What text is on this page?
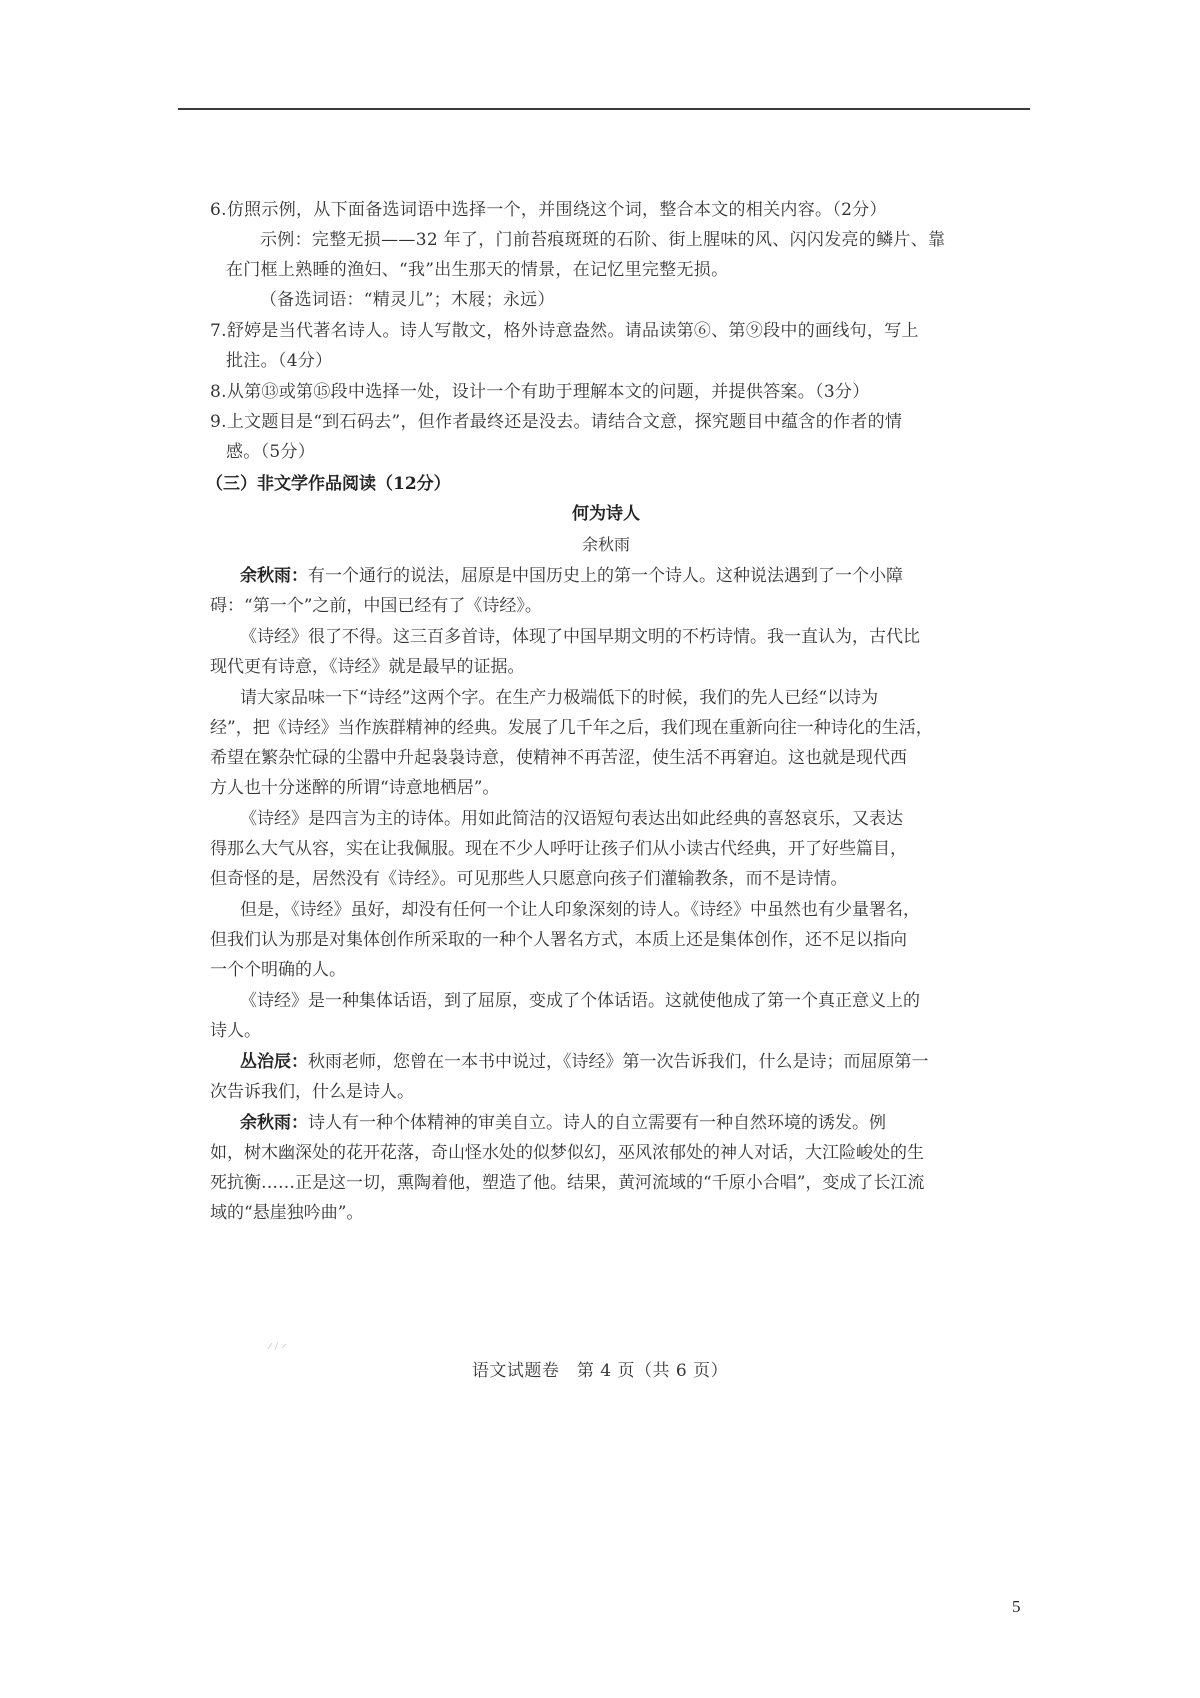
6.仿照示例，从下面备选词语中选择一个，并围绕这个词，整合本文的相关内容。（2分）
示例：完整无损——32 年了，门前苔痕斑斑的石阶、街上腥味的风、闪闪发亮的鳞片、靠
在门框上熟睡的渔妇、“我”出生那天的情景，在记忆里完整无损。
（备选词语：“精灵儿”；木屐；永远）
7.舒婷是当代著名诗人。诗人写散文，格外诗意盎然。请品读第⑥、第⑨段中的画线句，写上
批注。（4分）
8.从第⑬或第⑮段中选择一处，设计一个有助于理解本文的问题，并提供答案。（3分）
9.上文题目是“到石码去”，但作者最终还是没去。请结合文意，探究题目中蕴含的作者的情
感。（5分）
（三）非文学作品阅读（12分）
何为诗人
余秋雨
余秋雨：有一个通行的说法，屈原是中国历史上的第一个诗人。这种说法遇到了一个小障
碍：“第一个”之前，中国已经有了《诗经》。
《诗经》很了不得。这三百多首诗，体现了中国早期文明的不朽诗情。我一直认为，古代比
现代更有诗意，《诗经》就是最早的证据。
请大家品味一下“诗经”这两个字。在生产力极端低下的时候，我们的先人已经“以诗为
经”，把《诗经》当作族群精神的经典。发展了几千年之后，我们现在重新向往一种诗化的生活，
希望在繁杂忙碌的尘嚣中升起袅袅诗意，使精神不再苦涩，使生活不再窘迫。这也就是现代西
方人也十分迷醉的所谓“诗意地栖居”。
《诗经》是四言为主的诗体。用如此简洁的汉语短句表达出如此经典的喜怒哀乐，又表达
得那么大气从容，实在让我佩服。现在不少人呼吁让孩子们从小读古代经典，开了好些篇目，
但奇怪的是，居然没有《诗经》。可见那些人只愿意向孩子们灌输教条，而不是诗情。
但是，《诗经》虽好，却没有任何一个让人印象深刻的诗人。《诗经》中虽然也有少量署名，
但我们认为那是对集体创作所采取的一种个人署名方式，本质上还是集体创作，还不足以指向
一个个明确的人。
《诗经》是一种集体话语，到了屈原，变成了个体话语。这就使他成了第一个真正意义上的
诗人。
丛治辰：秋雨老师，您曾在一本书中说过，《诗经》第一次告诉我们，什么是诗；而屈原第一
次告诉我们，什么是诗人。
余秋雨：诗人有一种个体精神的审美自立。诗人的自立需要有一种自然环境的诱发。例
如，树木幽深处的花开花落，奇山怪水处的似梦似幻，巫风浓郁处的神人对话，大江险峻处的生
死抗衡……正是这一切，熏陶着他，塑造了他。结果，黄河流域的“千原小合唱”，变成了长江流
域的“悬崖独吟曲”。
语文试题卷　第 4 页（共 6 页）
5
